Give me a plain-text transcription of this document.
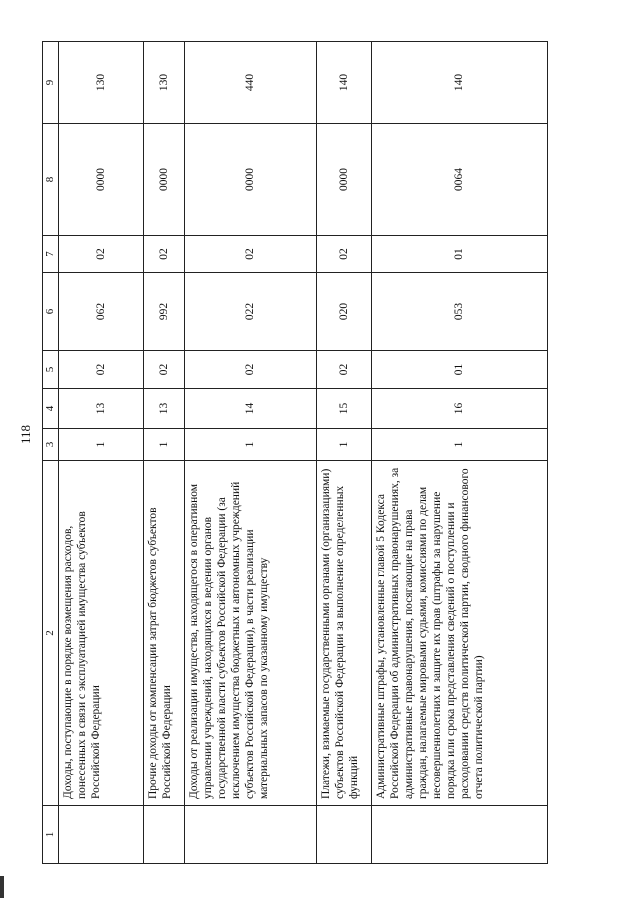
118
1	2	3	4	5	6	7	8	9
	Доходы, поступающие в порядке возмещения расходов, понесенных в связи с эксплуатацией имущества субъектов Российской Федерации	1	13	02	062	02	0000	130
	Прочие доходы от компенсации затрат бюджетов субъектов Российской Федерации	1	13	02	992	02	0000	130
	Доходы от реализации имущества, находящегося в оперативном управлении учреждений, находящихся в ведении органов государственной власти субъектов Российской Федерации (за исключением имущества бюджетных и автономных учреждений субъектов Российской Федерации), в части реализации материальных запасов по указанному имуществу	1	14	02	022	02	0000	440
	Платежи, взимаемые государственными органами (организациями) субъектов Российской Федерации за выполнение определенных функций	1	15	02	020	02	0000	140
	Административные штрафы, установленные главой 5 Кодекса Российской Федерации об административных правонарушениях, за административные правонарушения, посягающие на права граждан, налагаемые мировыми судьями, комиссиями по делам несовершеннолетних и защите их прав (штрафы за нарушение порядка или срока представления сведений о поступлении и расходовании средств политической партии, сводного финансового отчета политической партии)	1	16	01	053	01	0064	140
